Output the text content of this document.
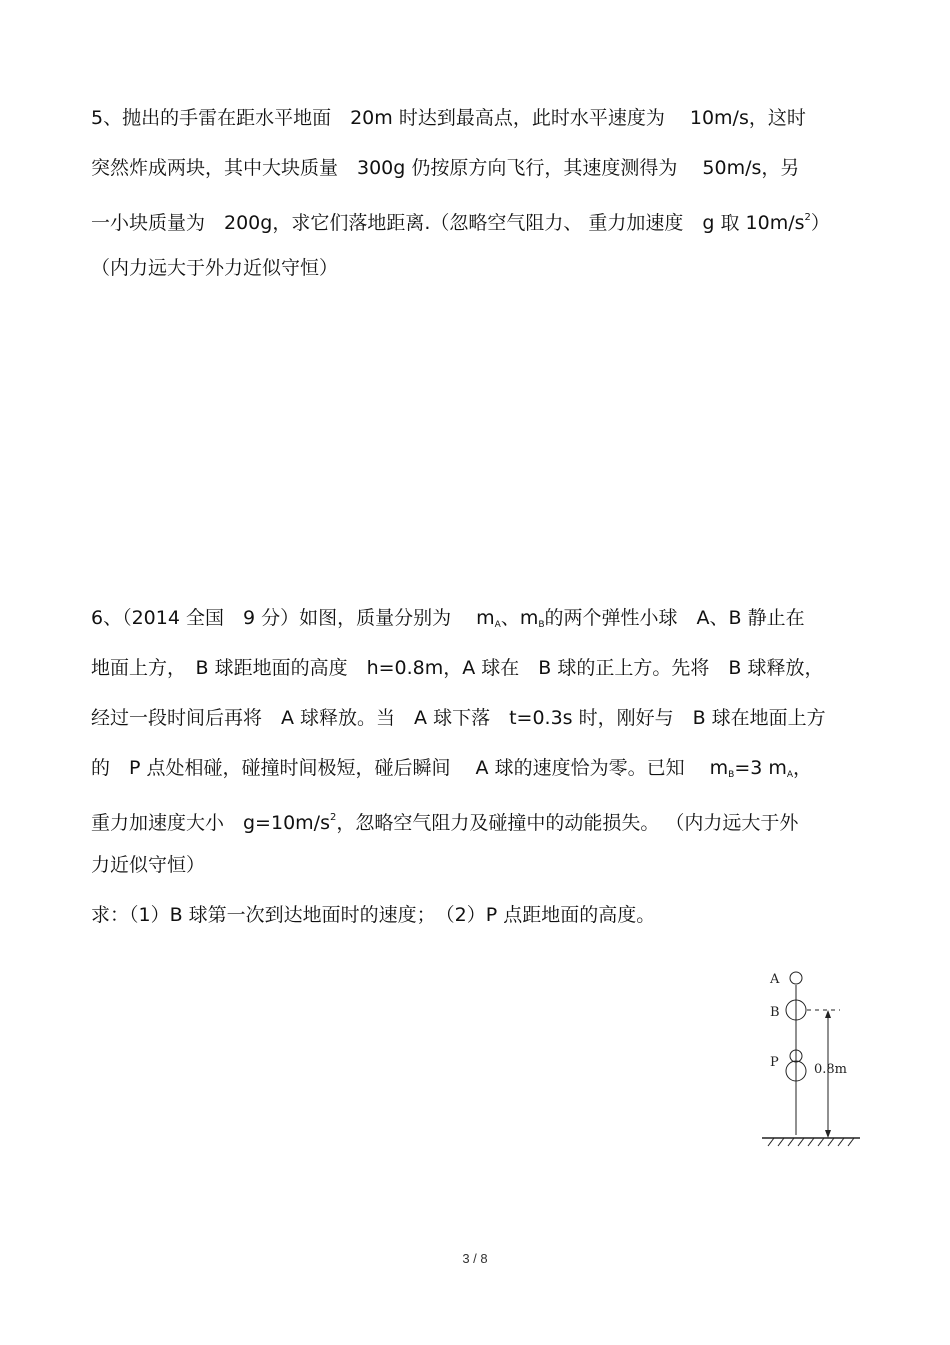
5、抛出的手雷在距水平地面　20m 时达到最高点，此时水平速度为　 10m/s，这时
突然炸成两块，其中大块质量　300g 仍按原方向飞行，其速度测得为　 50m/s，另
一小块质量为　200g，求它们落地距离.（忽略空气阻力、 重力加速度　g 取 $10m/s^2$）
（内力远大于外力近似守恒）
6、（2014 全国　9 分）如图，质量分别为　 $m_A$、$m_B$的两个弹性小球　A、B 静止在
地面上方，　B 球距地面的高度　h=0.8m，A 球在　B 球的正上方。先将　B 球释放，
经过一段时间后再将　A 球释放。当　A 球下落　t=0.3s 时，刚好与　B 球在地面上方
的　P 点处相碰，碰撞时间极短，碰后瞬间　 A 球的速度恰为零。已知　 $m_B=3$ $m_A$，
重力加速度大小　$g=10m/s^2$，忽略空气阻力及碰撞中的动能损失。 （内力远大于外
力近似守恒）
求：（1）B 球第一次到达地面时的速度；　（2）P 点距地面的高度。
A
B
P	0.8m
3 / 8
